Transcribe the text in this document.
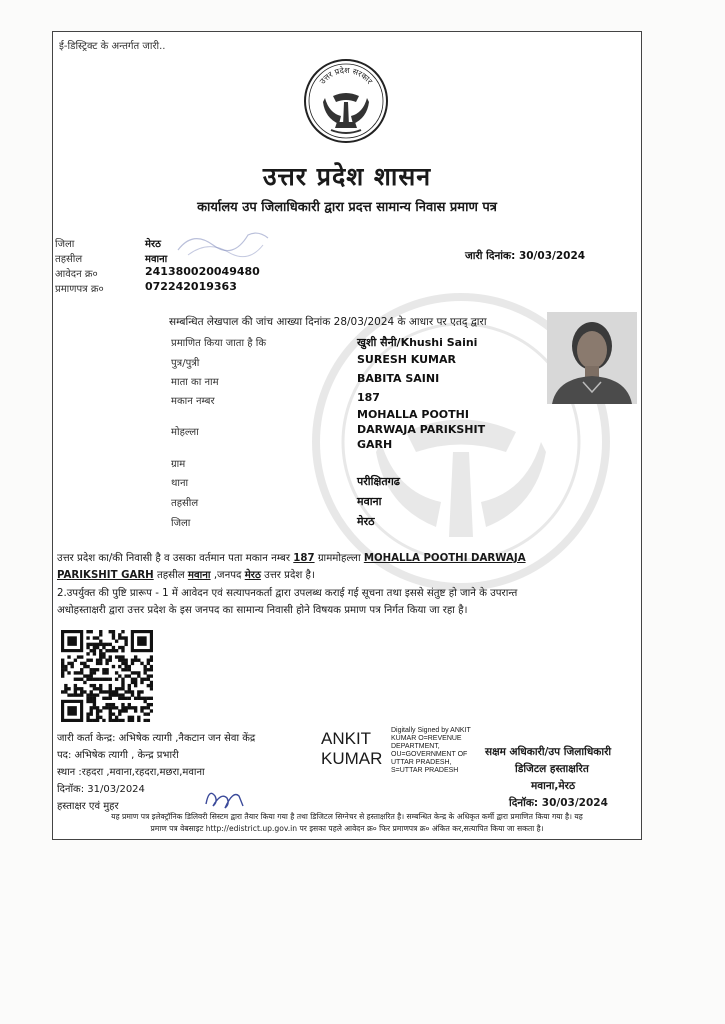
ई-डिस्ट्रिक्ट के अन्तर्गत जारी..
उत्तर प्रदेश सरकार
उत्तर प्रदेश शासन
कार्यालय उप जिलाधिकारी द्वारा प्रदत्त सामान्य निवास प्रमाण पत्र
जिला	मेरठ
तहसील	मवाना
आवेदन क्र०	241380020049480
प्रमाणपत्र क्र०	072242019363
जारी दिनांक: 30/03/2024
सम्बन्धित लेखपाल की जांच आख्या दिनांक 28/03/2024 के आधार पर एतद् द्वारा
प्रमाणित किया जाता है कि	खुशी सैनी/Khushi Saini
पुत्र/पुत्री	SURESH KUMAR
माता का नाम	BABITA SAINI
मकान नम्बर	187
MOHALLA POOTHI
मोहल्ला	DARWAJA PARIKSHIT
GARH
ग्राम
थाना	परीक्षितगढ
तहसील	मवाना
जिला	मेरठ
उत्तर प्रदेश का/की निवासी है व उसका वर्तमान पता मकान नम्बर 187 ग्राममोहल्ला MOHALLA POOTHI DARWAJA
PARIKSHIT GARH तहसील मवाना ,जनपद मेरठ उत्तर प्रदेश है।
2.उपर्युक्त की पुष्टि प्रारूप - 1 में आवेदन एवं सत्यापनकर्ता द्वारा उपलब्ध कराई गई सूचना तथा इससे संतुष्ट हो जाने के उपरान्त
अधोहस्ताक्षरी द्वारा उत्तर प्रदेश के इस जनपद का सामान्य निवासी होने विषयक प्रमाण पत्र निर्गत किया जा रहा है।
जारी कर्ता केन्द्र: अभिषेक त्यागी ,नैकटान जन सेवा केंद्र
पद: अभिषेक त्यागी , केन्द्र प्रभारी
स्थान :रहदरा ,मवाना,रहदरा,मछरा,मवाना
दिनॉक: 31/03/2024
हस्ताक्षर एवं मुहर
ANKIT
KUMAR
Digitally Signed by ANKIT
KUMAR O=REVENUE
DEPARTMENT,
OU=GOVERNMENT OF
UTTAR PRADESH,
S=UTTAR PRADESH
सक्षम अधिकारी/उप जिलाधिकारी
डिजिटल हस्ताक्षरित
मवाना,मेरठ
दिनॉक: 30/03/2024
यह प्रमाण पत्र इलेक्ट्रॉनिक डिलिवरी सिस्टम द्वारा तैयार किया गया है तथा डिजिटल सिग्नेचर से हस्ताक्षरित है। सम्बन्धित केन्द्र के अधिकृत कर्मी द्वारा प्रमाणित किया गया है। यह
प्रमाण पत्र वेबसाइट http://edistrict.up.gov.in पर इसका पहले आवेदन क्र० फिर प्रमाणपत्र क्र० अंकित कर,सत्यापित किया जा सकता है।
